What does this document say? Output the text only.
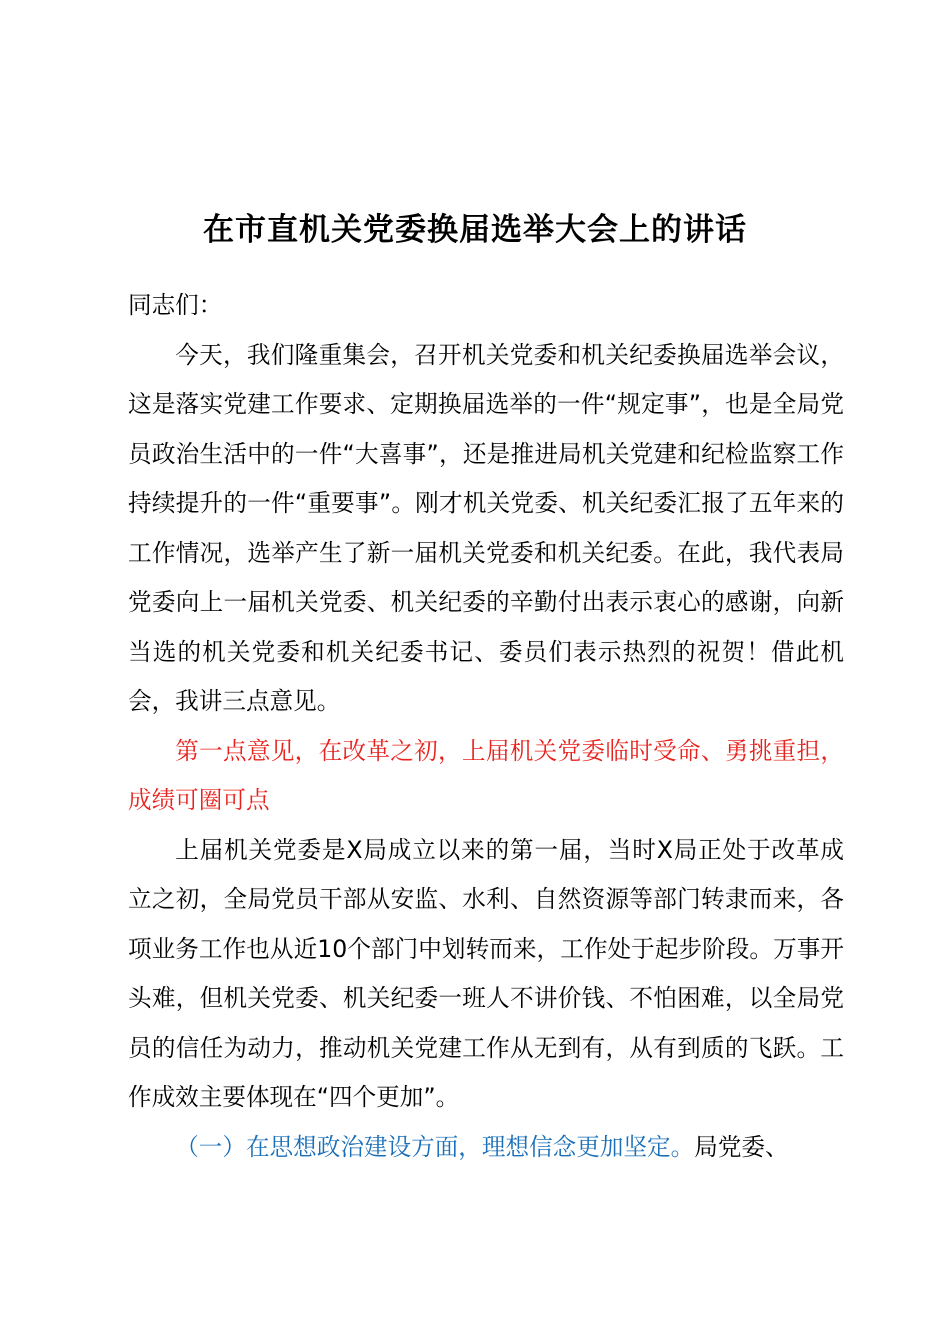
在市直机关党委换届选举大会上的讲话

同志们：

今天，我们隆重集会，召开机关党委和机关纪委换届选举会议，这是落实党建工作要求、定期换届选举的一件“规定事”，也是全局党员政治生活中的一件“大喜事”，还是推进局机关党建和纪检监察工作持续提升的一件“重要事”。刚才机关党委、机关纪委汇报了五年来的工作情况，选举产生了新一届机关党委和机关纪委。在此，我代表局党委向上一届机关党委、机关纪委的辛勤付出表示衷心的感谢，向新当选的机关党委和机关纪委书记、委员们表示热烈的祝贺！借此机会，我讲三点意见。

第一点意见，在改革之初，上届机关党委临时受命、勇挑重担，成绩可圈可点

上届机关党委是X局成立以来的第一届，当时X局正处于改革成立之初，全局党员干部从安监、水利、自然资源等部门转隶而来，各项业务工作也从近10个部门中划转而来，工作处于起步阶段。万事开头难，但机关党委、机关纪委一班人不讲价钱、不怕困难，以全局党员的信任为动力，推动机关党建工作从无到有，从有到质的飞跃。工作成效主要体现在“四个更加”。

（一）在思想政治建设方面，理想信念更加坚定。局党委、
